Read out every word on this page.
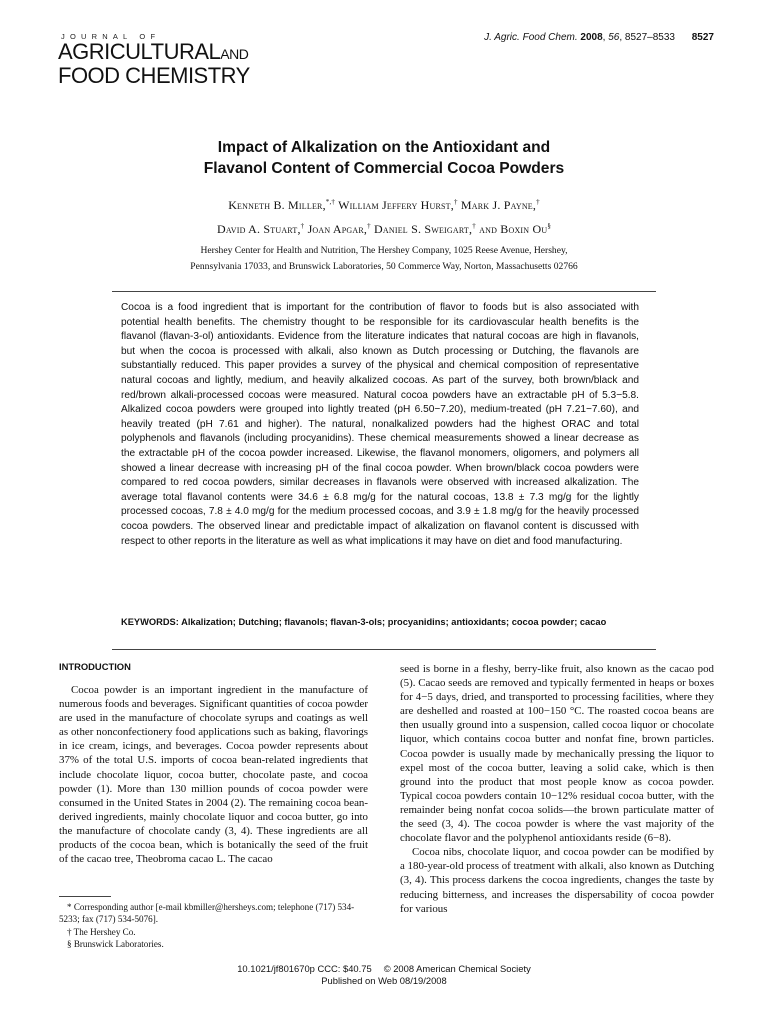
JOURNAL OF
AGRICULTURALAND
FOOD CHEMISTRY
J. Agric. Food Chem. 2008, 56, 8527–8533 8527
Impact of Alkalization on the Antioxidant and
Flavanol Content of Commercial Cocoa Powders
Kenneth B. Miller,*,† William Jeffery Hurst,† Mark J. Payne,†
David A. Stuart,† Joan Apgar,† Daniel S. Sweigart,† and Boxin Ou§
Hershey Center for Health and Nutrition, The Hershey Company, 1025 Reese Avenue, Hershey,
Pennsylvania 17033, and Brunswick Laboratories, 50 Commerce Way, Norton, Massachusetts 02766
Cocoa is a food ingredient that is important for the contribution of flavor to foods but is also associated with potential health benefits. The chemistry thought to be responsible for its cardiovascular health benefits is the flavanol (flavan-3-ol) antioxidants. Evidence from the literature indicates that natural cocoas are high in flavanols, but when the cocoa is processed with alkali, also known as Dutch processing or Dutching, the flavanols are substantially reduced. This paper provides a survey of the physical and chemical composition of representative natural cocoas and lightly, medium, and heavily alkalized cocoas. As part of the survey, both brown/black and red/brown alkali-processed cocoas were measured. Natural cocoa powders have an extractable pH of 5.3−5.8. Alkalized cocoa powders were grouped into lightly treated (pH 6.50−7.20), medium-treated (pH 7.21−7.60), and heavily treated (pH 7.61 and higher). The natural, nonalkalized powders had the highest ORAC and total polyphenols and flavanols (including procyanidins). These chemical measurements showed a linear decrease as the extractable pH of the cocoa powder increased. Likewise, the flavanol monomers, oligomers, and polymers all showed a linear decrease with increasing pH of the final cocoa powder. When brown/black cocoa powders were compared to red cocoa powders, similar decreases in flavanols were observed with increased alkalization. The average total flavanol contents were 34.6 ± 6.8 mg/g for the natural cocoas, 13.8 ± 7.3 mg/g for the lightly processed cocoas, 7.8 ± 4.0 mg/g for the medium processed cocoas, and 3.9 ± 1.8 mg/g for the heavily processed cocoa powders. The observed linear and predictable impact of alkalization on flavanol content is discussed with respect to other reports in the literature as well as what implications it may have on diet and food manufacturing.
KEYWORDS: Alkalization; Dutching; flavanols; flavan-3-ols; procyanidins; antioxidants; cocoa powder; cacao
INTRODUCTION

Cocoa powder is an important ingredient in the manufacture of numerous foods and beverages. Significant quantities of cocoa powder are used in the manufacture of chocolate syrups and coatings as well as other nonconfectionery food applications such as baking, flavorings in ice cream, icings, and beverages. Cocoa powder represents about 37% of the total U.S. imports of cocoa bean-related ingredients that include chocolate liquor, cocoa butter, chocolate paste, and cocoa powder (1). More than 130 million pounds of cocoa powder were consumed in the United States in 2004 (2). The remaining cocoa bean-derived ingredients, mainly chocolate liquor and cocoa butter, go into the manufacture of chocolate candy (3, 4). These ingredients are all products of the cocoa bean, which is botanically the seed of the fruit of the cacao tree, Theobroma cacao L. The cacao

* Corresponding author [e-mail kbmiller@hersheys.com; telephone (717) 534-5233; fax (717) 534-5076].
† The Hershey Co.
§ Brunswick Laboratories.

seed is borne in a fleshy, berry-like fruit, also known as the cacao pod (5). Cacao seeds are removed and typically fermented in heaps or boxes for 4−5 days, dried, and transported to processing facilities, where they are deshelled and roasted at 100−150 °C. The roasted cocoa beans are then usually ground into a suspension, called cocoa liquor or chocolate liquor, which contains cocoa butter and nonfat fine, brown particles. Cocoa powder is usually made by mechanically pressing the liquor to expel most of the cocoa butter, leaving a solid cake, which is then ground into the product that most people know as cocoa powder. Typical cocoa powders contain 10−12% residual cocoa butter, with the remainder being nonfat cocoa solids—the brown particulate matter of the seed (3, 4). The cocoa powder is where the vast majority of the chocolate flavor and the polyphenol antioxidants reside (6−8).

Cocoa nibs, chocolate liquor, and cocoa powder can be modified by a 180-year-old process of treatment with alkali, also known as Dutching (3, 4). This process darkens the cocoa ingredients, changes the taste by reducing bitterness, and increases the dispersability of cocoa powder for various

10.1021/jf801670p CCC: $40.75 © 2008 American Chemical Society
Published on Web 08/19/2008
